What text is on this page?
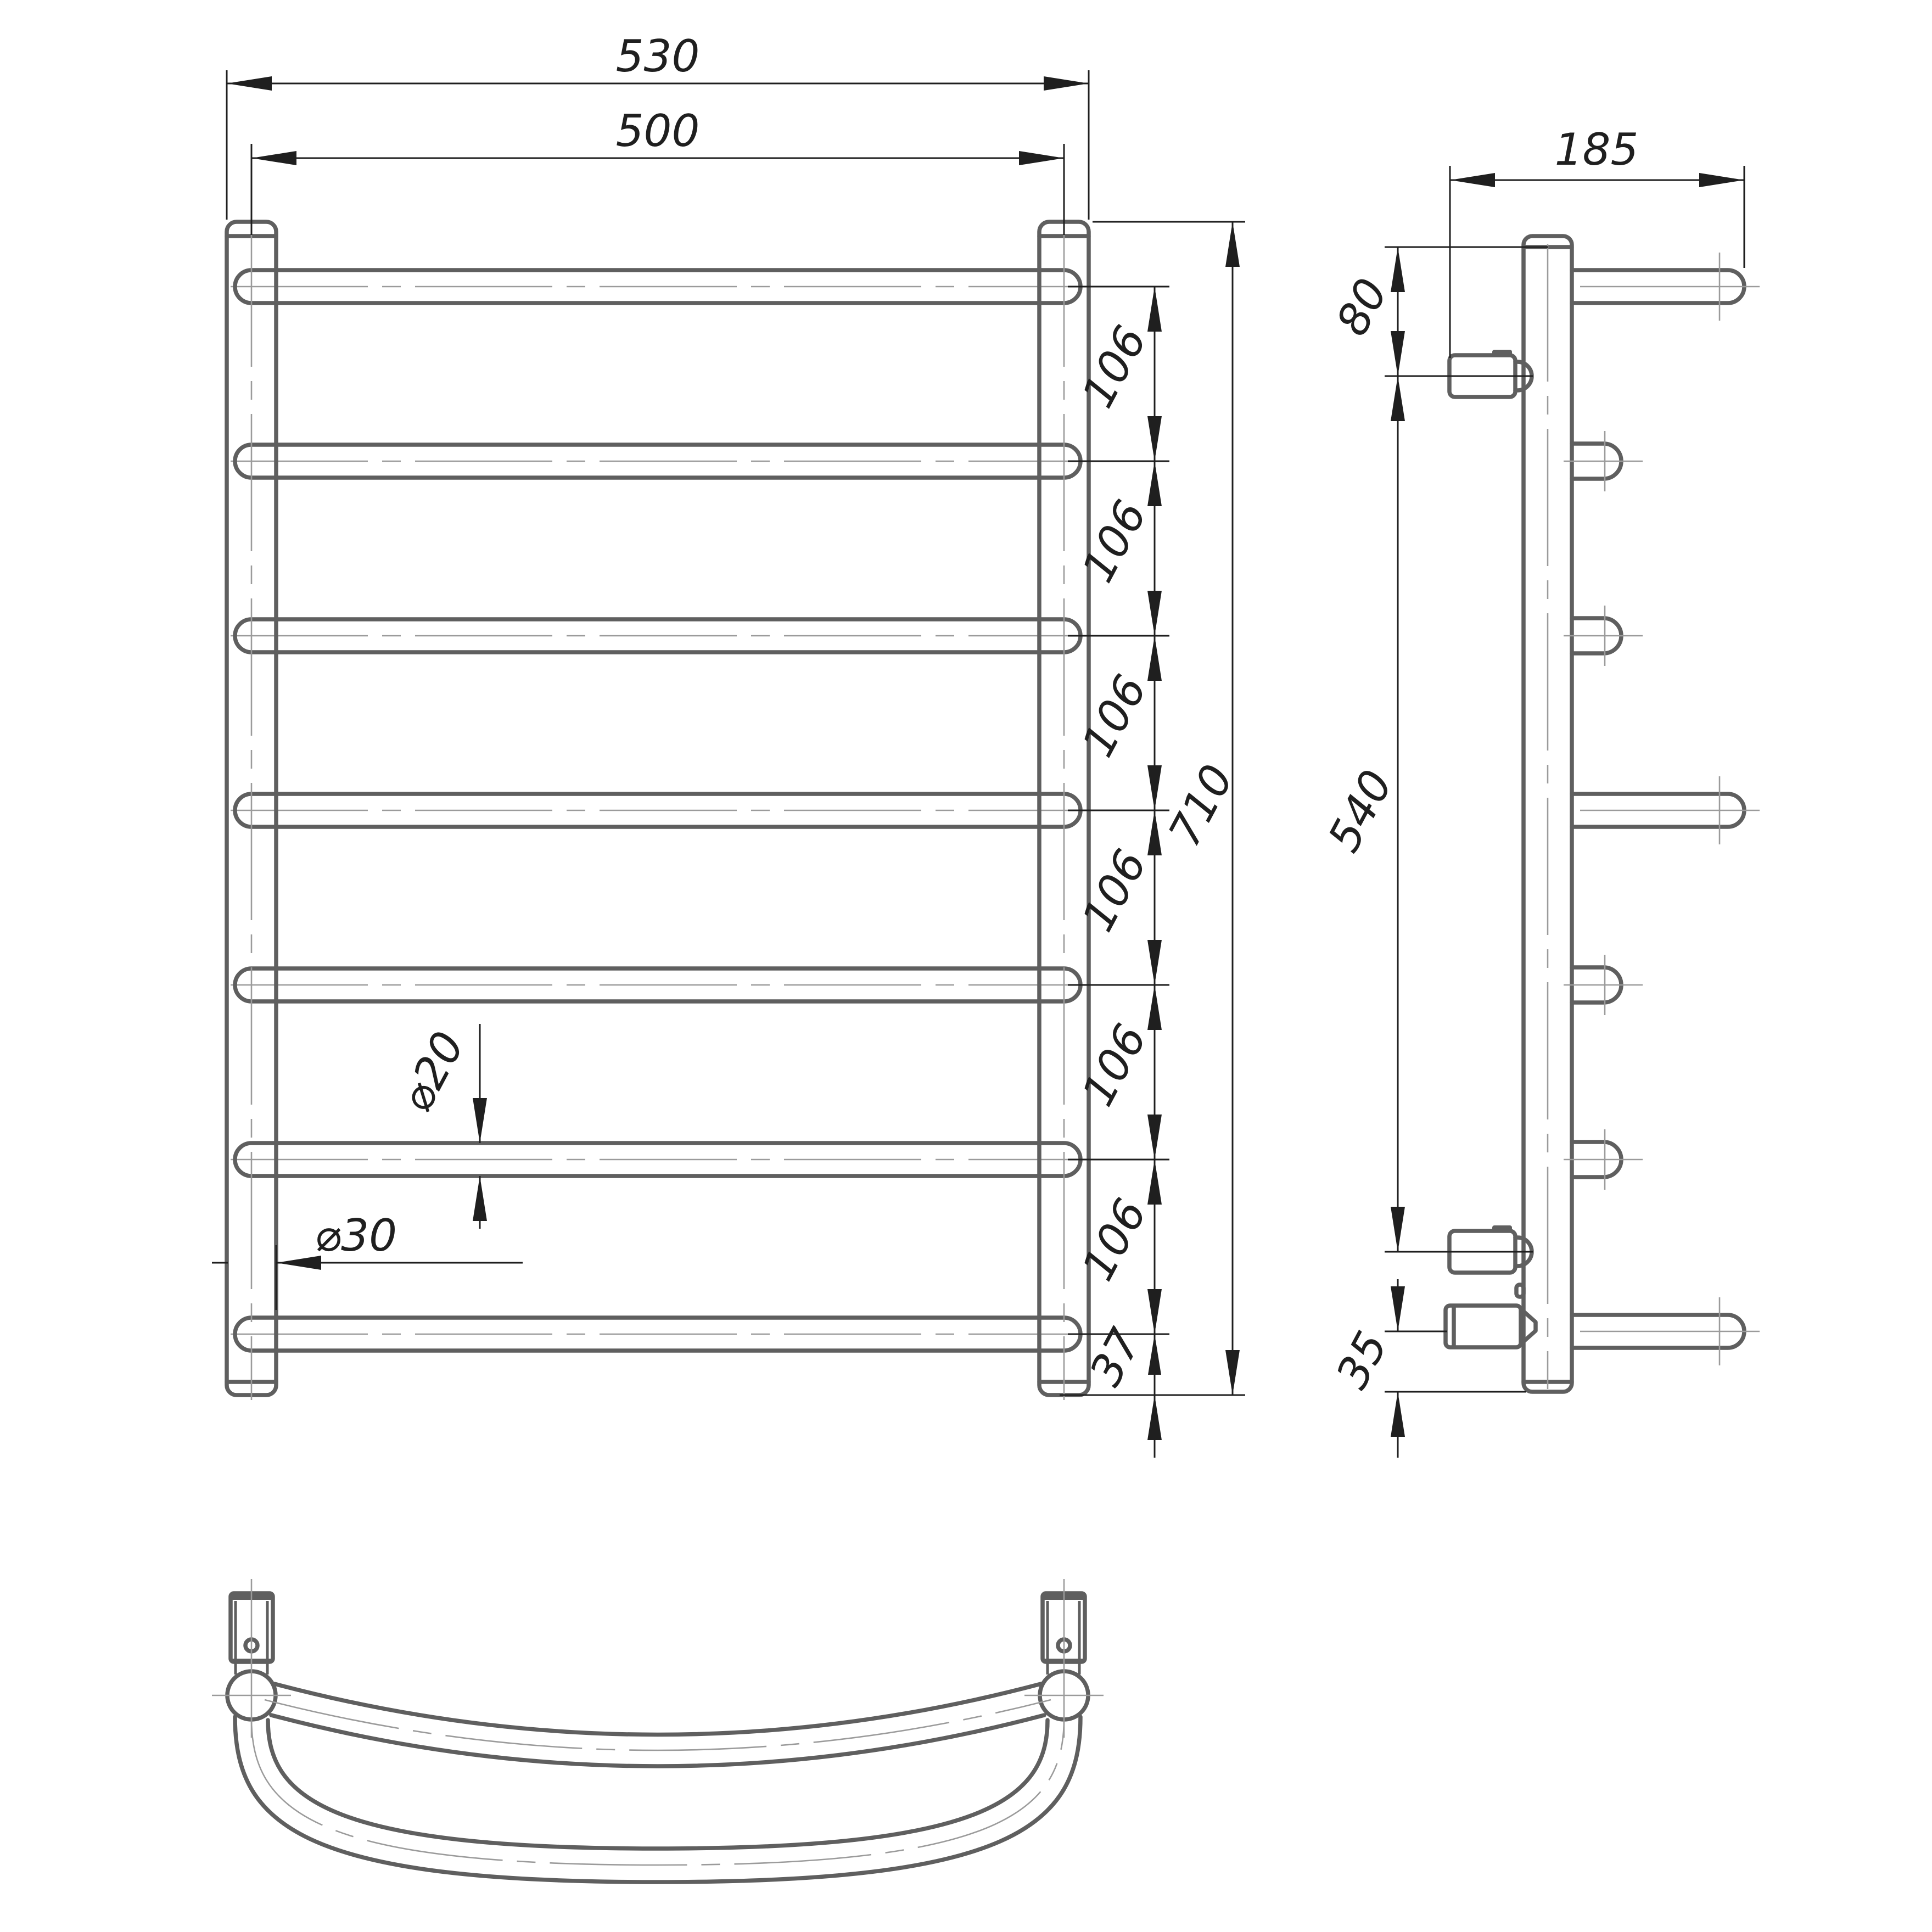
530
500
106
106
106
106
106
106
37
710
⌀20
⌀30
185
80
540
35
